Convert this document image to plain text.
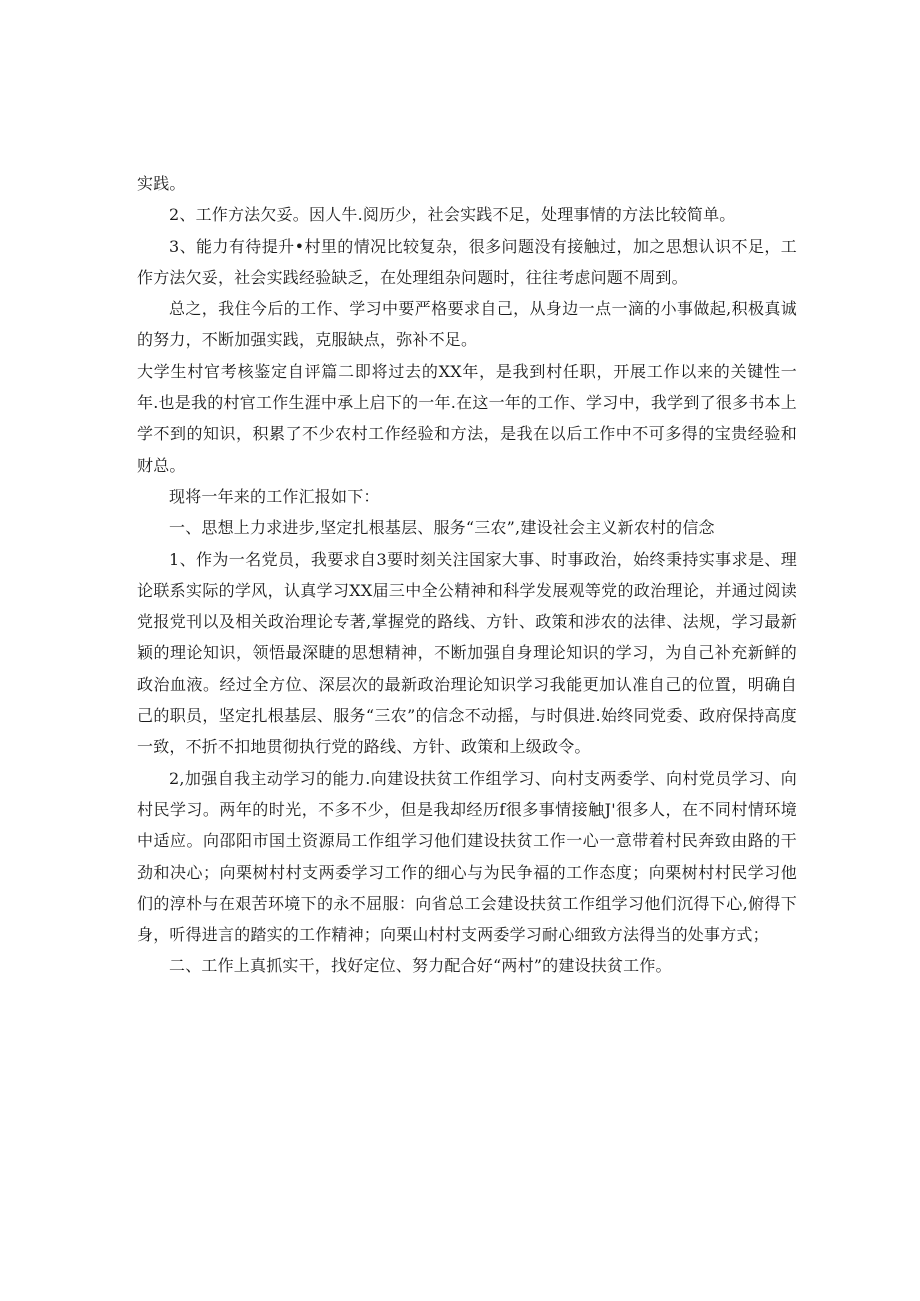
实践。

2、工作方法欠妥。因人牛.阅历少，社会实践不足，处理事情的方法比较简单。

3、能力有待提升•村里的情况比较复杂，很多问题没有接触过，加之思想认识不足，工作方法欠妥，社会实践经验缺乏，在处理组杂问题时，往往考虑问题不周到。

总之，我住今后的工作、学习中要严格要求自己，从身边一点一滴的小事做起,积极真诚的努力，不断加强实践，克服缺点，弥补不足。

大学生村官考核鉴定自评篇二即将过去的XX年，是我到村任职，开展工作以来的关键性一年.也是我的村官工作生涯中承上启下的一年.在这一年的工作、学习中，我学到了很多书本上学不到的知识，积累了不少农村工作经验和方法，是我在以后工作中不可多得的宝贵经验和财总。

现将一年来的工作汇报如下：

一、思想上力求进步,坚定扎根基层、服务“三农”,建设社会主义新农村的信念

1、作为一名党员，我要求自3要时刻关注国家大事、时事政治，始终秉持实事求是、理论联系实际的学风，认真学习XX届三中全公精神和科学发展观等党的政治理论，并通过阅读党报党刊以及相关政治理论专著,掌握党的路线、方针、政策和涉农的法律、法规，学习最新颖的理论知识，领悟最深睫的思想精神，不断加强自身理论知识的学习，为自己补充新鲜的政治血液。经过全方位、深层次的最新政治理论知识学习我能更加认准自己的位置，明确自己的职员，坚定扎根基层、服务“三农”的信念不动摇，与时俱进.始终同党委、政府保持高度一致，不折不扣地贯彻执行党的路线、方针、政策和上级政令。

2,加强自我主动学习的能力.向建设扶贫工作组学习、向村支两委学、向村党员学习、向村民学习。两年的时光，不多不少，但是我却经历f很多事情接触J'很多人，在不同村情环境中适应。向邵阳市国土资源局工作组学习他们建设扶贫工作一心一意带着村民奔致由路的干劲和决心；向栗树村村支两委学习工作的细心与为民争福的工作态度；向栗树村村民学习他们的淳朴与在艰苦环境下的永不屈服：向省总工会建设扶贫工作组学习他们沉得下心,俯得下身，听得进言的踏实的工作精神；向栗山村村支两委学习耐心细致方法得当的处事方式；

二、工作上真抓实干，找好定位、努力配合好“两村”的建设扶贫工作。
